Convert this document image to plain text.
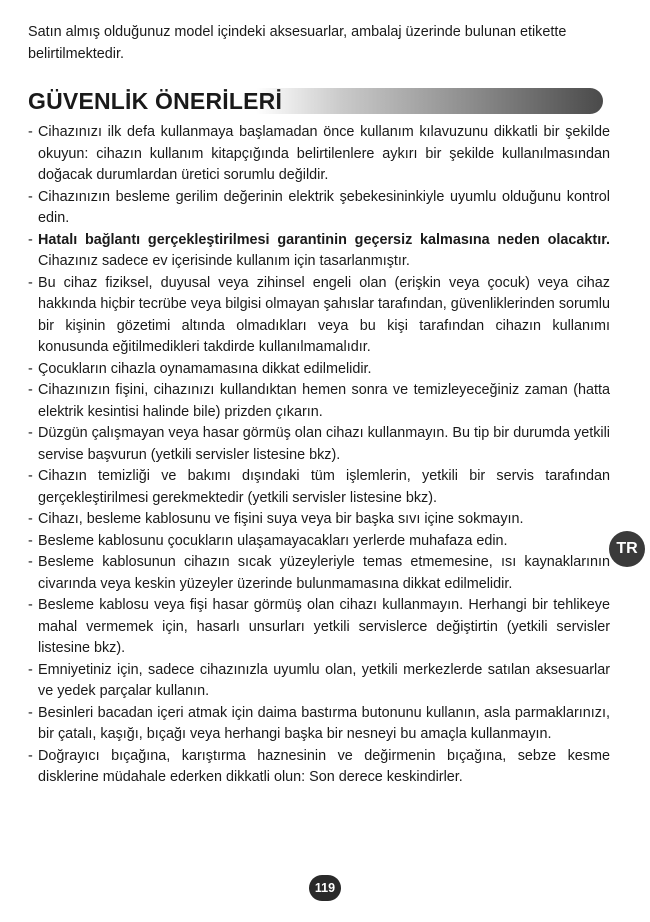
Satın almış olduğunuz model içindeki aksesuarlar, ambalaj üzerinde bulunan etikette belirtilmektedir.

GÜVENLİK ÖNERİLERİ
- Cihazınızı ilk defa kullanmaya başlamadan önce kullanım kılavuzunu dikkatli bir şekilde okuyun: cihazın kullanım kitapçığında belirtilenlere aykırı bir şekilde kullanılmasından doğacak durumlardan üretici sorumlu değildir.
- Cihazınızın besleme gerilim değerinin elektrik şebekesininkiyle uyumlu olduğunu kontrol edin.
- Hatalı bağlantı gerçekleştirilmesi garantinin geçersiz kalmasına neden olacaktır. Cihazınız sadece ev içerisinde kullanım için tasarlanmıştır.
- Bu cihaz fiziksel, duyusal veya zihinsel engeli olan (erişkin veya çocuk) veya cihaz hakkında hiçbir tecrübe veya bilgisi olmayan şahıslar tarafından, güvenliklerinden sorumlu bir kişinin gözetimi altında olmadıkları veya bu kişi tarafından cihazın kullanımı konusunda eğitilmedikleri takdirde kullanılmamalıdır.
- Çocukların cihazla oynamamasına dikkat edilmelidir.
- Cihazınızın fişini, cihazınızı kullandıktan hemen sonra ve temizleyeceğiniz zaman (hatta elektrik kesintisi halinde bile) prizden çıkarın.
- Düzgün çalışmayan veya hasar görmüş olan cihazı kullanmayın. Bu tip bir durumda yetkili servise başvurun (yetkili servisler listesine bkz).
- Cihazın temizliği ve bakımı dışındaki tüm işlemlerin, yetkili bir servis tarafından gerçekleştirilmesi gerekmektedir (yetkili servisler listesine bkz).
- Cihazı, besleme kablosunu ve fişini suya veya bir başka sıvı içine sokmayın.
- Besleme kablosunu çocukların ulaşamayacakları yerlerde muhafaza edin.
- Besleme kablosunun cihazın sıcak yüzeyleriyle temas etmemesine, ısı kaynaklarının civarında veya keskin yüzeyler üzerinde bulunmamasına dikkat edilmelidir.
- Besleme kablosu veya fişi hasar görmüş olan cihazı kullanmayın. Herhangi bir tehlikeye mahal vermemek için, hasarlı unsurları yetkili servislerce değiştirtin (yetkili servisler listesine bkz).
- Emniyetiniz için, sadece cihazınızla uyumlu olan, yetkili merkezlerde satılan aksesuarlar ve yedek parçalar kullanın.
- Besinleri bacadan içeri atmak için daima bastırma butonunu kullanın, asla parmaklarınızı, bir çatalı, kaşığı, bıçağı veya herhangi başka bir nesneyi bu amaçla kullanmayın.
- Doğrayıcı bıçağına, karıştırma haznesinin ve değirmenin bıçağına, sebze kesme disklerine müdahale ederken dikkatli olun: Son derece keskindirler.
TR
119
